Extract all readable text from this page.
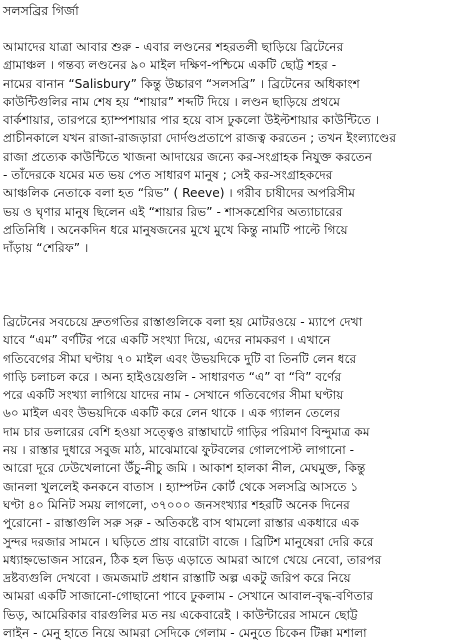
সলসব্রির গির্জা
আমাদের যাত্রা আবার শুরু - এবার লণ্ডনের শহরতলী ছাড়িয়ে ব্রিটেনের
গ্রামাঞ্চল । গন্তব্য লণ্ডনের ৯০ মাইল দক্ষিণ-পশ্চিমে একটি ছোট্ট শহর -
নামের বানান “Salisbury” কিন্তু উচ্চারণ “সলসব্রি” । ব্রিটেনের অধিকাংশ
কাউন্টিগুলির নাম শেষ হয় “শায়ার” শব্দটি দিয়ে । লণ্ডন ছাড়িয়ে প্রথমে
বার্কশায়ার, তারপরে হ্যাম্পশায়ার পার হয়ে বাস ঢুকলো উইল্টশায়ার কাউন্টিতে ।
প্রাচীনকালে যখন রাজা-রাজড়ারা দোর্দণ্ডপ্রতাপে রাজত্ব করতেন ; তখন ইংল্যাণ্ডের
রাজা প্রত্যেক কাউন্টিতে খাজনা আদায়ের জন্যে কর-সংগ্রাহক নিযুক্ত করতেন
- তাঁদেরকে যমের মত ভয় পেত সাধারণ মানুষ ; সেই কর-সংগ্রাহকদের
আঞ্চলিক নেতাকে বলা হত “রিভ” ( Reeve) । গরীব চাষীদের অপরিসীম
ভয় ও ঘৃণার মানুষ ছিলেন এই “শায়ার রিভ” - শাসকশ্রেণির অত্যাচারের
প্রতিনিধি । অনেকদিন ধরে মানুষজনের মুখে মুখে কিন্তু নামটি পাল্টে গিয়ে
দাঁড়ায় “শেরিফ” ।
ব্রিটেনের সবচেয়ে দ্রুতগতির রাস্তাগুলিকে বলা হয় মোটরওয়ে - ম্যাপে দেখা
যাবে “এম” বর্ণটির পরে একটি সংখ্যা দিয়ে, এদের নামকরণ । এখানে
গতিবেগের সীমা ঘণ্টায় ৭০ মাইল এবং উভয়দিকে দুটি বা তিনটি লেন ধরে
গাড়ি চলাচল করে । অন্য হাইওয়েগুলি - সাধারণত “এ” বা “বি” বর্ণের
পরে একটি সংখ্যা লাগিয়ে যাদের নাম - সেখানে গতিবেগের সীমা ঘণ্টায়
৬০ মাইল এবং উভয়দিকে একটি করে লেন থাকে । এক গ্যালন তেলের
দাম চার ডলারের বেশি হওয়া সত্ত্বেও রাস্তাঘাটে গাড়ির পরিমাণ বিন্দুমাত্র কম
নয় । রাস্তার দুধারে সবুজ মাঠ, মাঝেমাঝে ফুটবলের গোলপোস্ট লাগানো -
আরো দূরে ঢেউখেলানো উঁচু-নীচু জমি । আকাশ হালকা নীল, মেঘমুক্ত, কিন্তু
জানলা খুললেই কনকনে বাতাস । হ্যাম্পটন কোর্ট থেকে সলসব্রি আসতে ১
ঘণ্টা ৪০ মিনিট সময় লাগলো, ৩৭০০০ জনসংখ্যার শহরটি অনেক দিনের
পুরোনো - রাস্তাগুলি সরু সরু - অতিকষ্টে বাস থামলো রাস্তার একধারে এক
সুন্দর দরজার সামনে । ঘড়িতে প্রায় বারোটা বাজে । ব্রিটিশ মানুষেরা দেরি করে
মধ্যাহ্নভোজন সারেন, ঠিক হল ভিড় এড়াতে আমরা আগে খেয়ে নেবো, তারপর
দ্রষ্টব্যগুলি দেখবো । জমজমাট প্রধান রাস্তাটি অল্প একটু জরিপ করে নিয়ে
আমরা একটি সাজানো-গোছানো পাবে ঢুকলাম - সেখানে আবাল-বৃদ্ধ-বণিতার
ভিড়, আমেরিকার বারগুলির মত নয় একেবারেই । কাউন্টারের সামনে ছোট্ট
লাইন - মেনু হাতে নিয়ে আমরা সেদিকে গেলাম - মেনুতে চিকেন টিক্কা মশালা
